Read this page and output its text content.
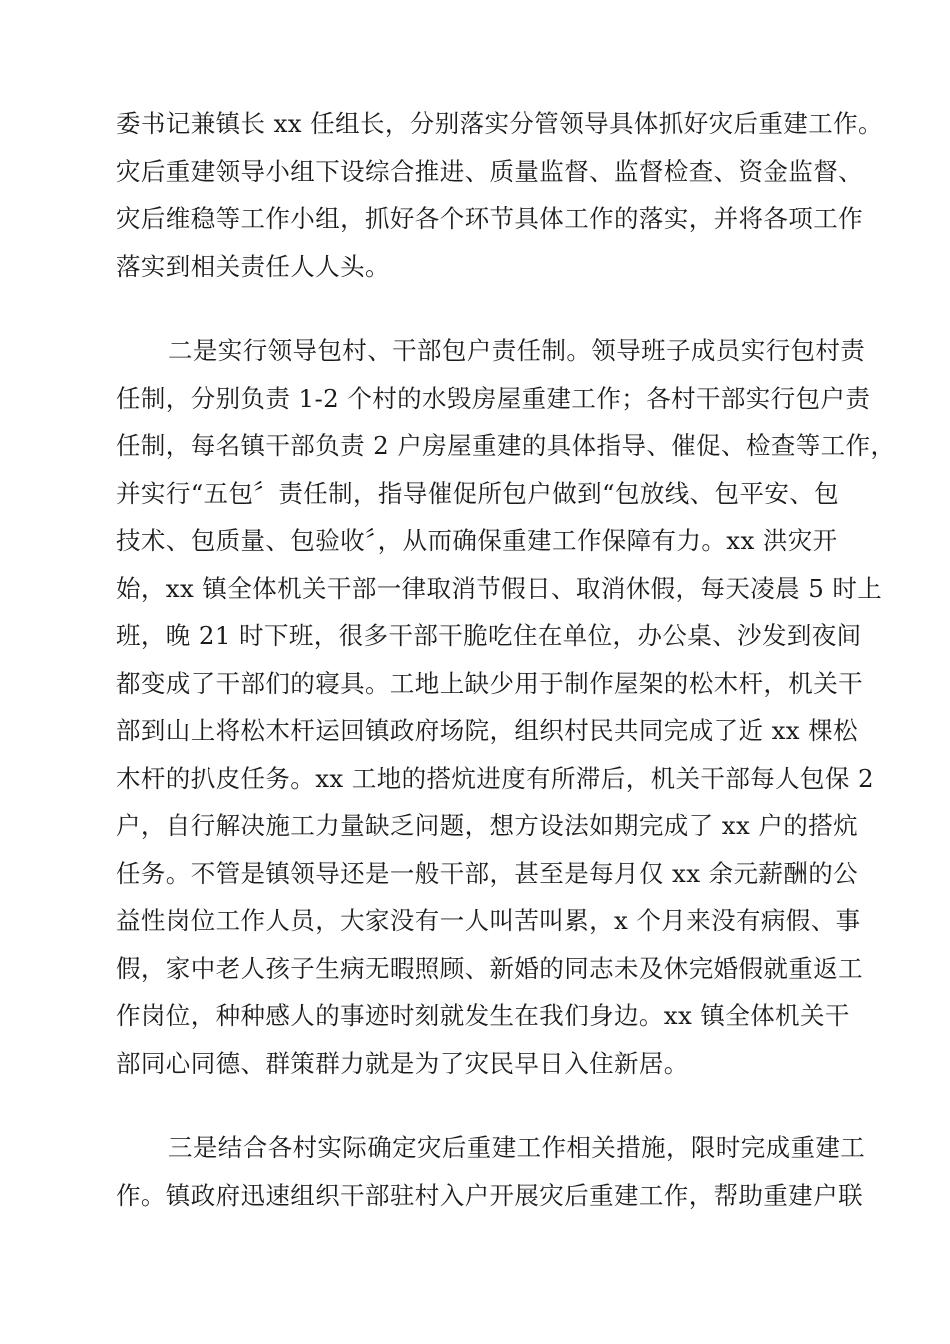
委书记兼镇长 xx 任组长，分别落实分管领导具体抓好灾后重建工作。
灾后重建领导小组下设综合推进、质量监督、监督检查、资金监督、
灾后维稳等工作小组，抓好各个环节具体工作的落实，并将各项工作
落实到相关责任人人头。
二是实行领导包村、干部包户责任制。领导班子成员实行包村责
任制，分别负责 1-2 个村的水毁房屋重建工作；各村干部实行包户责
任制，每名镇干部负责 2 户房屋重建的具体指导、催促、检查等工作，
并实行“五包〞责任制，指导催促所包户做到“包放线、包平安、包
技术、包质量、包验收〞，从而确保重建工作保障有力。xx 洪灾开
始，xx 镇全体机关干部一律取消节假日、取消休假，每天凌晨 5 时上
班，晚 21 时下班，很多干部干脆吃住在单位，办公桌、沙发到夜间
都变成了干部们的寝具。工地上缺少用于制作屋架的松木杆，机关干
部到山上将松木杆运回镇政府场院，组织村民共同完成了近 xx 棵松
木杆的扒皮任务。xx 工地的搭炕进度有所滞后，机关干部每人包保 2
户，自行解决施工力量缺乏问题，想方设法如期完成了 xx 户的搭炕
任务。不管是镇领导还是一般干部，甚至是每月仅 xx 余元薪酬的公
益性岗位工作人员，大家没有一人叫苦叫累，x 个月来没有病假、事
假，家中老人孩子生病无暇照顾、新婚的同志未及休完婚假就重返工
作岗位，种种感人的事迹时刻就发生在我们身边。xx 镇全体机关干
部同心同德、群策群力就是为了灾民早日入住新居。
三是结合各村实际确定灾后重建工作相关措施，限时完成重建工
作。镇政府迅速组织干部驻村入户开展灾后重建工作，帮助重建户联
